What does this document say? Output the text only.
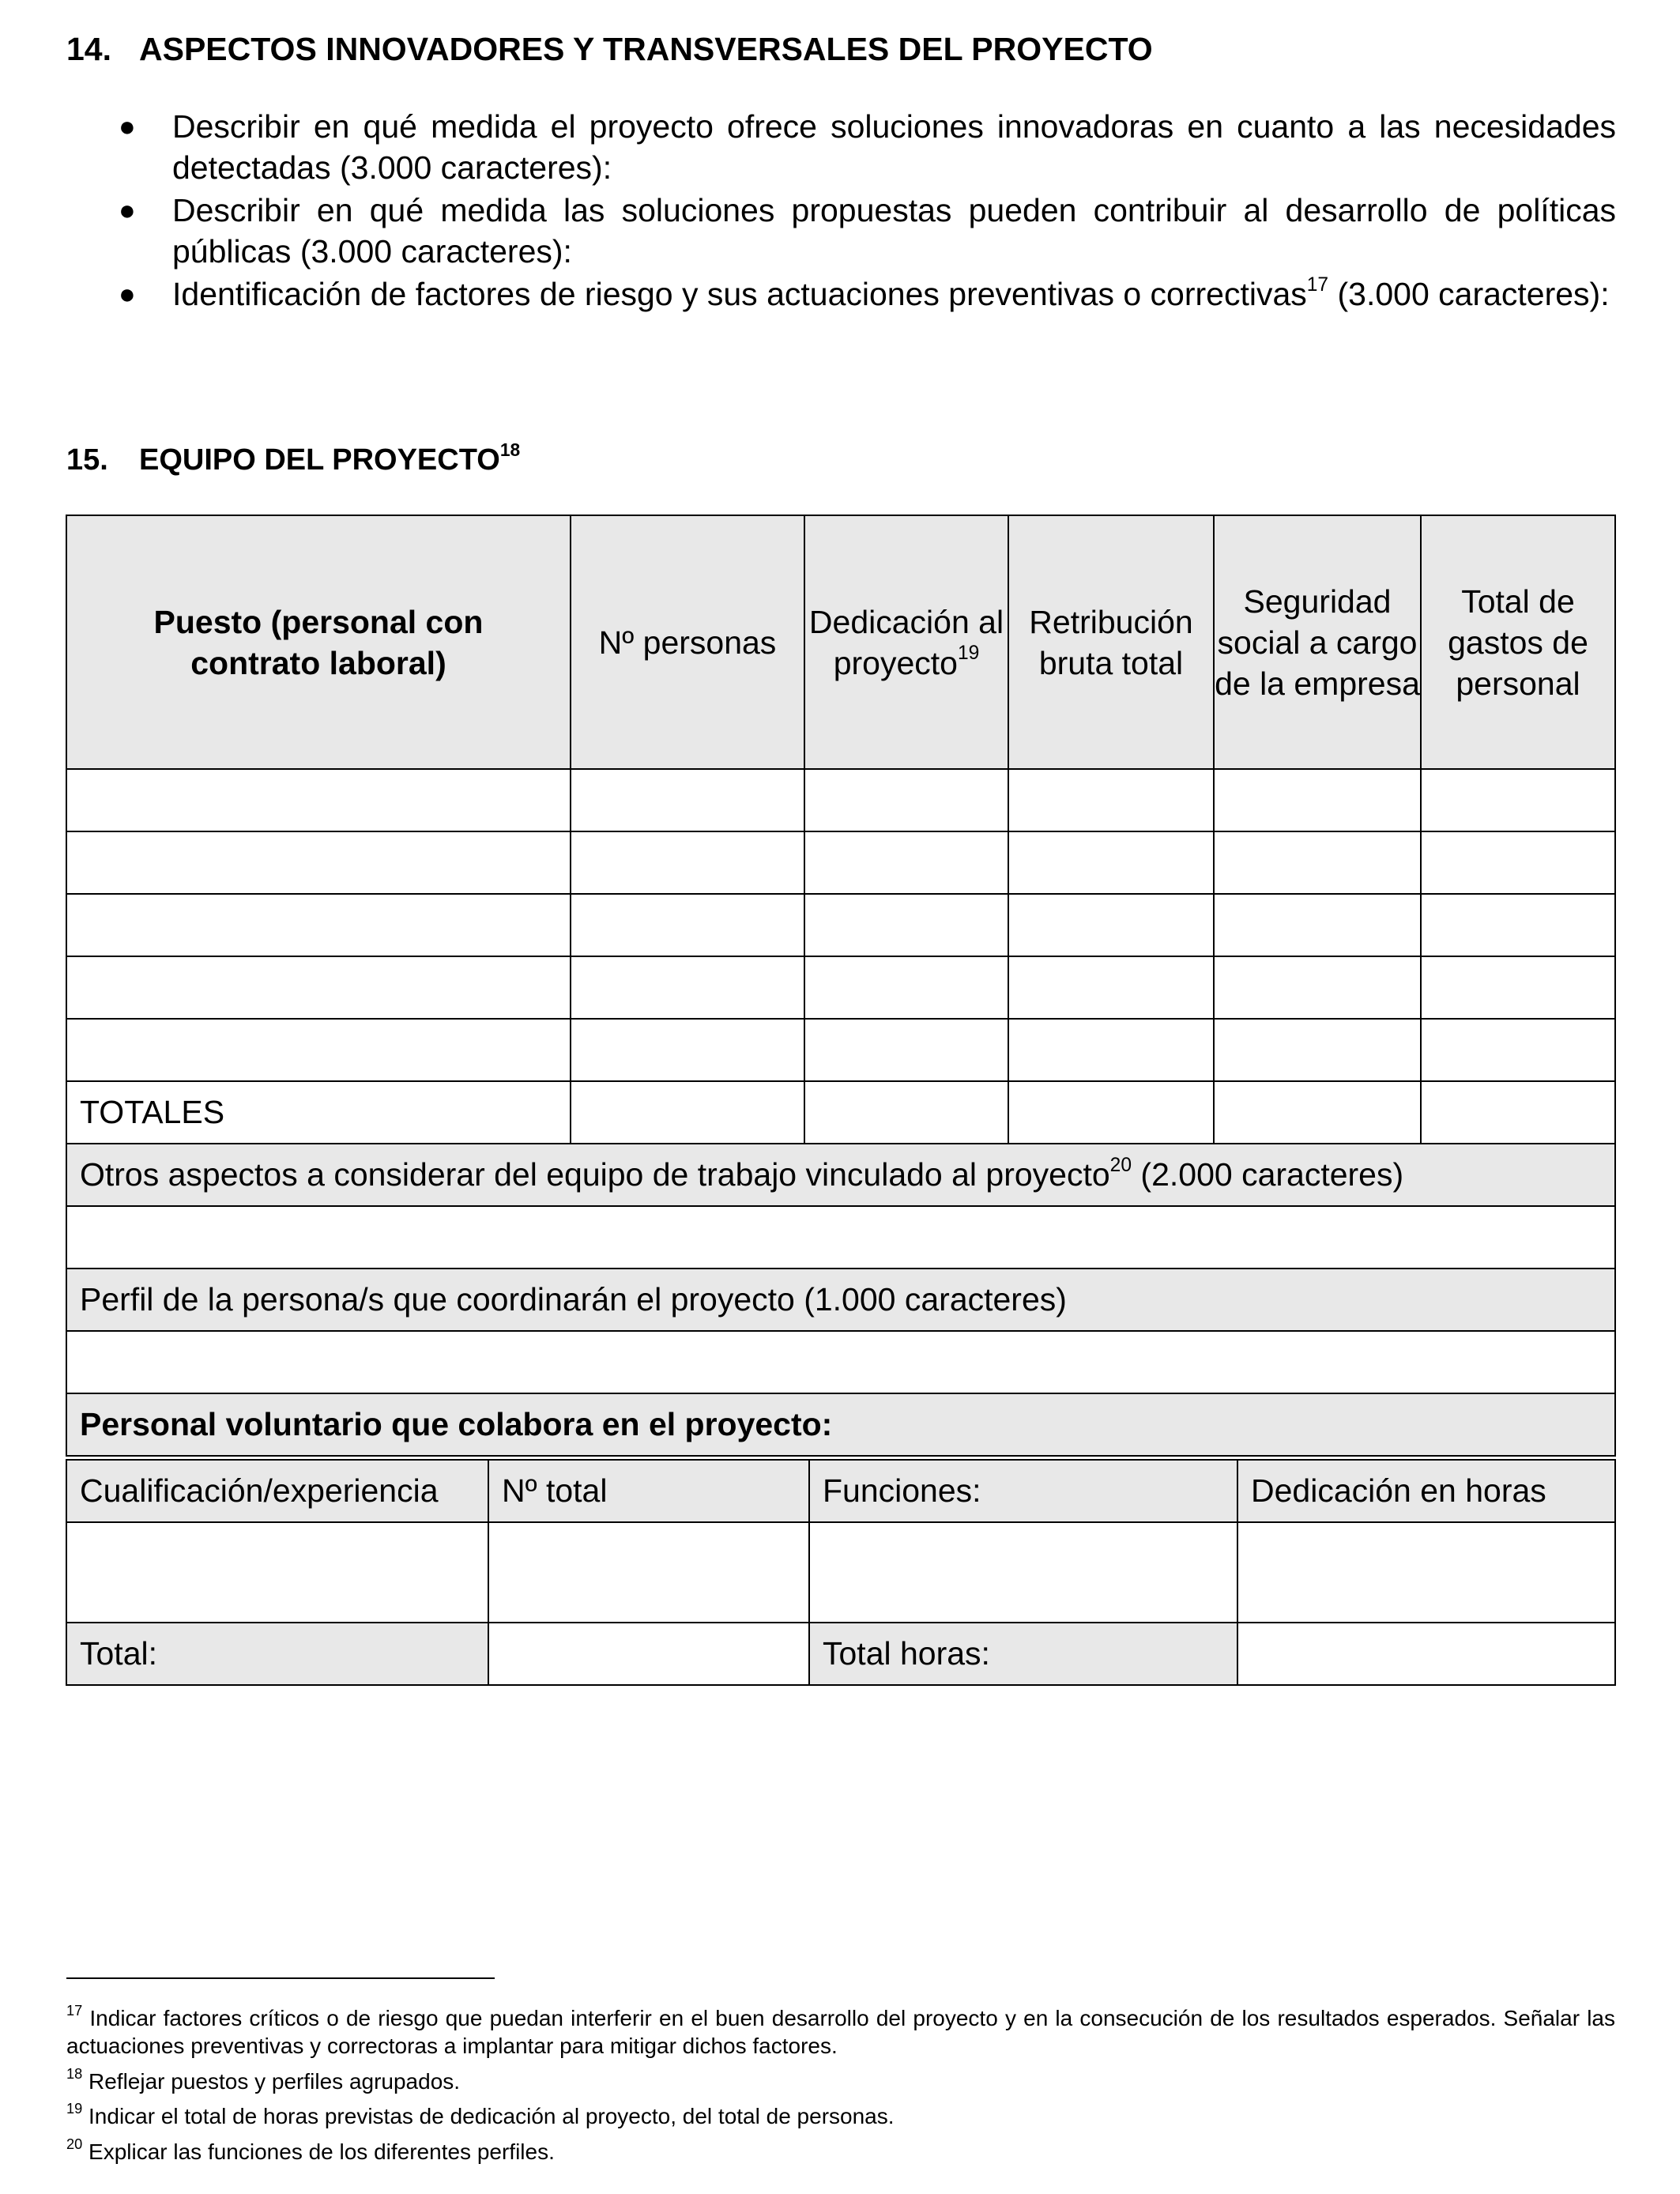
14. ASPECTOS INNOVADORES Y TRANSVERSALES DEL PROYECTO
● Describir en qué medida el proyecto ofrece soluciones innovadoras en cuanto a las necesidades detectadas (3.000 caracteres):
● Describir en qué medida las soluciones propuestas pueden contribuir al desarrollo de políticas públicas (3.000 caracteres):
● Identificación de factores de riesgo y sus actuaciones preventivas o correctivas$^{17}$ (3.000 caracteres):
15. EQUIPO DEL PROYECTO$^{18}$
Puesto (personal con contrato laboral)	Nº personas	Dedicación al proyecto$^{19}$	Retribución bruta total	Seguridad social a cargo de la empresa	Total de gastos de personal

TOTALES					
Otros aspectos a considerar del equipo de trabajo vinculado al proyecto$^{20}$ (2.000 caracteres)					

Perfil de la persona/s que coordinarán el proyecto (1.000 caracteres)					

Personal voluntario que colabora en el proyecto:					
Cualificación/experiencia	Nº total	Funciones:	Dedicación en horas

Total:		Total horas:	
$^{17}$ Indicar factores críticos o de riesgo que puedan interferir en el buen desarrollo del proyecto y en la consecución de los resultados esperados. Señalar las actuaciones preventivas y correctoras a implantar para mitigar dichos factores.
$^{18}$ Reflejar puestos y perfiles agrupados.
$^{19}$ Indicar el total de horas previstas de dedicación al proyecto, del total de personas.
$^{20}$ Explicar las funciones de los diferentes perfiles.
